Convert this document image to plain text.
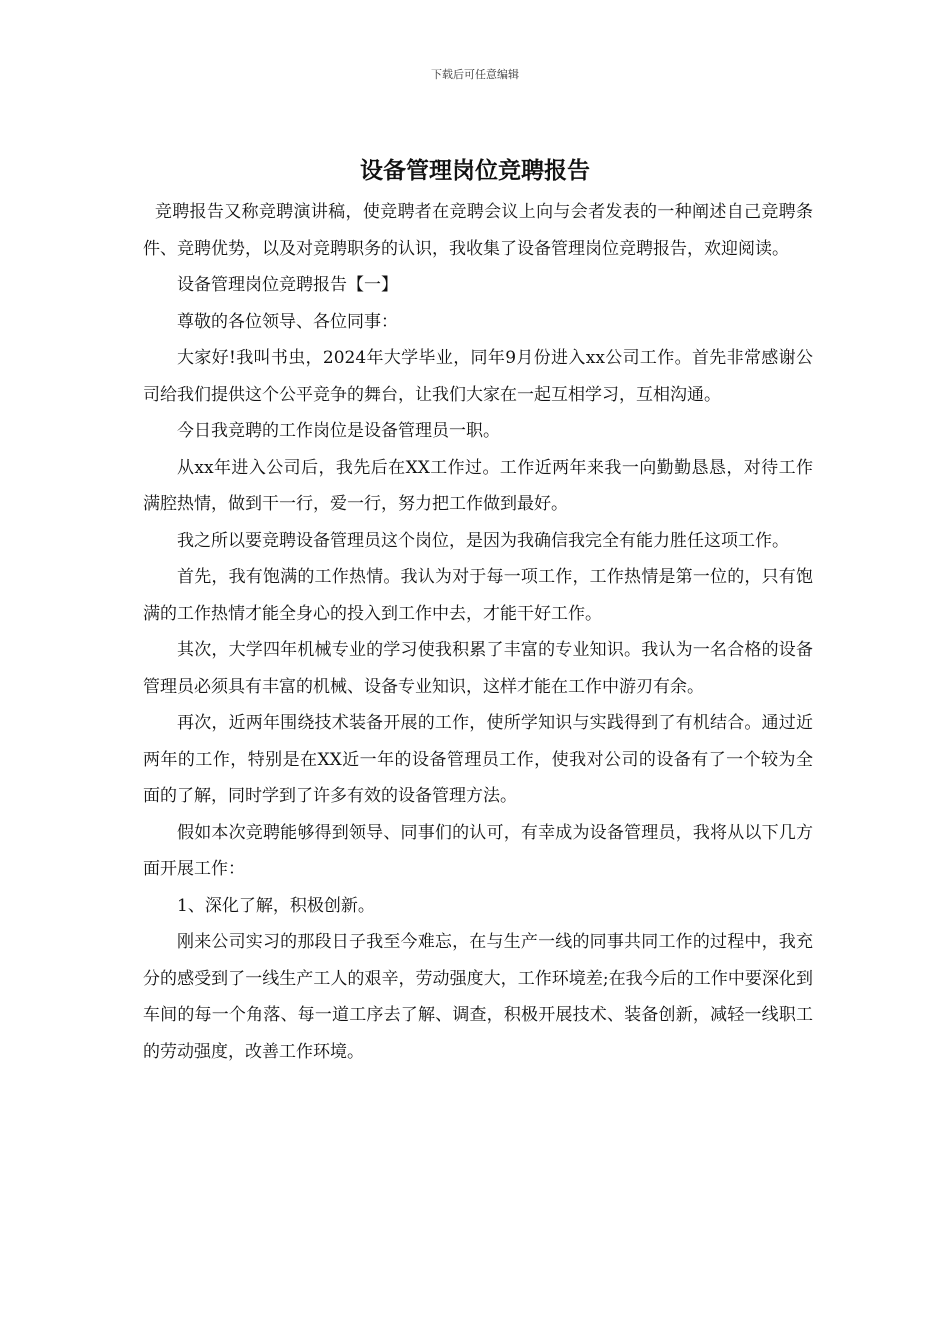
下载后可任意编辑
设备管理岗位竞聘报告

竞聘报告又称竞聘演讲稿，使竞聘者在竞聘会议上向与会者发表的一种阐述自己竞聘条件、竞聘优势，以及对竞聘职务的认识，我收集了设备管理岗位竞聘报告，欢迎阅读。

设备管理岗位竞聘报告【一】

尊敬的各位领导、各位同事：

大家好!我叫书虫，2024年大学毕业，同年9月份进入xx公司工作。首先非常感谢公司给我们提供这个公平竞争的舞台，让我们大家在一起互相学习，互相沟通。

今日我竞聘的工作岗位是设备管理员一职。

从xx年进入公司后，我先后在XX工作过。工作近两年来我一向勤勤恳恳，对待工作满腔热情，做到干一行，爱一行，努力把工作做到最好。

我之所以要竞聘设备管理员这个岗位，是因为我确信我完全有能力胜任这项工作。

首先，我有饱满的工作热情。我认为对于每一项工作，工作热情是第一位的，只有饱满的工作热情才能全身心的投入到工作中去，才能干好工作。

其次，大学四年机械专业的学习使我积累了丰富的专业知识。我认为一名合格的设备管理员必须具有丰富的机械、设备专业知识，这样才能在工作中游刃有余。

再次，近两年围绕技术装备开展的工作，使所学知识与实践得到了有机结合。通过近两年的工作，特别是在XX近一年的设备管理员工作，使我对公司的设备有了一个较为全面的了解，同时学到了许多有效的设备管理方法。

假如本次竞聘能够得到领导、同事们的认可，有幸成为设备管理员，我将从以下几方面开展工作：

1、深化了解，积极创新。

刚来公司实习的那段日子我至今难忘，在与生产一线的同事共同工作的过程中，我充分的感受到了一线生产工人的艰辛，劳动强度大，工作环境差;在我今后的工作中要深化到车间的每一个角落、每一道工序去了解、调查，积极开展技术、装备创新，减轻一线职工的劳动强度，改善工作环境。
